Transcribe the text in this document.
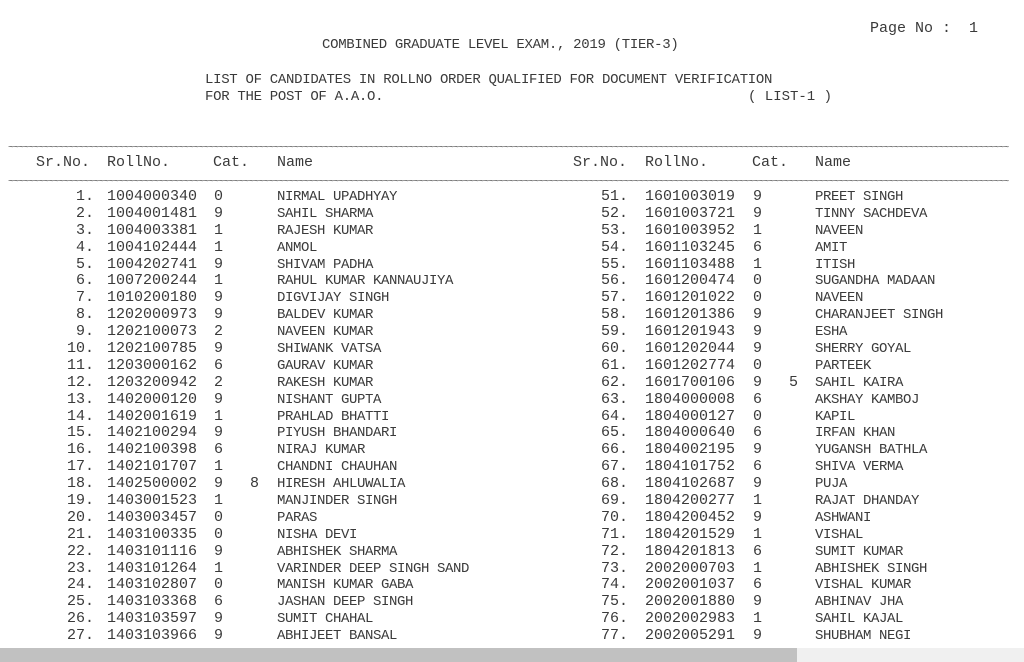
Page No :  1
COMBINED GRADUATE LEVEL EXAM., 2019 (TIER-3)
LIST OF CANDIDATES IN ROLLNO ORDER QUALIFIED FOR DOCUMENT VERIFICATION
FOR THE POST OF A.A.O.	( LIST-1 )
~~~~~~~~~~~~~~~~~~~~~~~~~~~~~~~~~~~~~~~~~~~~~~~~~~~~~~~~~~~~~~~~~~~~~~~~~~~~~~~~~~~~~~~~~~~~~~~~~~~~~~~~~~~~~~~~~~~~~~~~~~~~~~~~~~~~~~~~~~~~~~~~~~~~~~~~~~~~~~~~~~~~~~~~~~~~~~~~~~~~~~~~~~~~~~~~~~~~~~~~
Sr.No. RollNo.	Cat. Name	Sr.No. RollNo.	Cat. Name
~~~~~~~~~~~~~~~~~~~~~~~~~~~~~~~~~~~~~~~~~~~~~~~~~~~~~~~~~~~~~~~~~~~~~~~~~~~~~~~~~~~~~~~~~~~~~~~~~~~~~~~~~~~~~~~~~~~~~~~~~~~~~~~~~~~~~~~~~~~~~~~~~~~~~~~~~~~~~~~~~~~~~~~~~~~~~~~~~~~~~~~~~~~~~~~~~~~~~~~~
1. 1004000340 0	NIRMAL UPADHYAY
2. 1004001481 9	SAHIL SHARMA
3. 1004003381 1	RAJESH KUMAR
4. 1004102444 1	ANMOL
5. 1004202741 9	SHIVAM PADHA
6. 1007200244 1	RAHUL KUMAR KANNAUJIYA
7. 1010200180 9	DIGVIJAY SINGH
8. 1202000973 9	BALDEV KUMAR
9. 1202100073 2	NAVEEN KUMAR
10. 1202100785 9	SHIWANK VATSA
11. 1203000162 6	GAURAV KUMAR
12. 1203200942 2	RAKESH KUMAR
13. 1402000120 9	NISHANT GUPTA
14. 1402001619 1	PRAHLAD BHATTI
15. 1402100294 9	PIYUSH BHANDARI
16. 1402100398 6	NIRAJ KUMAR
17. 1402101707 1	CHANDNI CHAUHAN
18. 1402500002 9 8 HIRESH AHLUWALIA
19. 1403001523 1	MANJINDER SINGH
20. 1403003457 0	PARAS
21. 1403100335 0	NISHA DEVI
22. 1403101116 9	ABHISHEK SHARMA
23. 1403101264 1	VARINDER DEEP SINGH SAND
24. 1403102807 0	MANISH KUMAR GABA
25. 1403103368 6	JASHAN DEEP SINGH
26. 1403103597 9	SUMIT CHAHAL
27. 1403103966 9	ABHIJEET BANSAL
51. 1601003019 9	PREET SINGH
52. 1601003721 9	TINNY SACHDEVA
53. 1601003952 1	NAVEEN
54. 1601103245 6	AMIT
55. 1601103488 1	ITISH
56. 1601200474 0	SUGANDHA MADAAN
57. 1601201022 0	NAVEEN
58. 1601201386 9	CHARANJEET SINGH
59. 1601201943 9	ESHA
60. 1601202044 9	SHERRY GOYAL
61. 1601202774 0	PARTEEK
62. 1601700106 9 5 SAHIL KAIRA
63. 1804000008 6	AKSHAY KAMBOJ
64. 1804000127 0	KAPIL
65. 1804000640 6	IRFAN KHAN
66. 1804002195 9	YUGANSH BATHLA
67. 1804101752 6	SHIVA VERMA
68. 1804102687 9	PUJA
69. 1804200277 1	RAJAT DHANDAY
70. 1804200452 9	ASHWANI
71. 1804201529 1	VISHAL
72. 1804201813 6	SUMIT KUMAR
73. 2002000703 1	ABHISHEK SINGH
74. 2002001037 6	VISHAL KUMAR
75. 2002001880 9	ABHINAV JHA
76. 2002002983 1	SAHIL KAJAL
77. 2002005291 9	SHUBHAM NEGI
